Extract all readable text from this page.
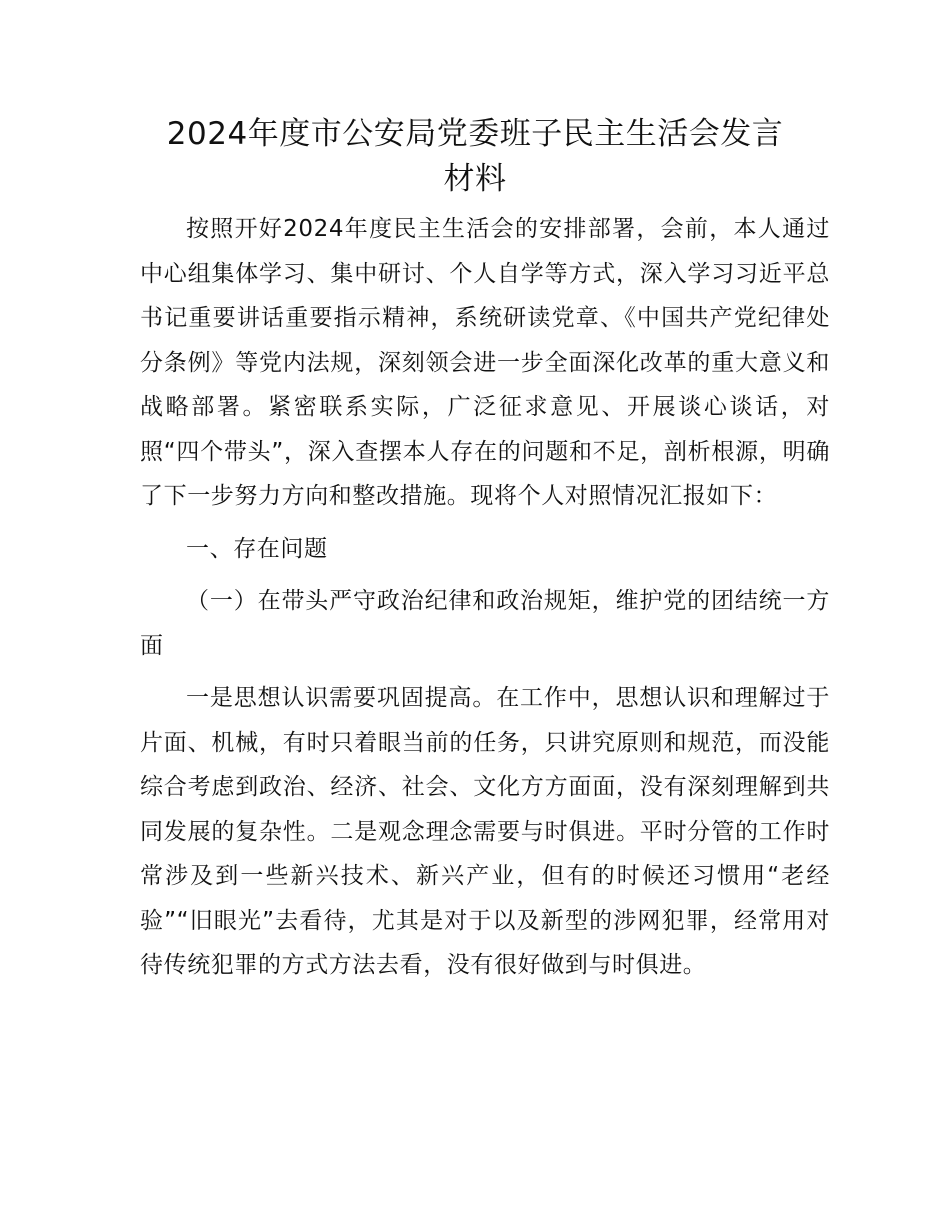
2024年度市公安局党委班子民主生活会发言
材料

按照开好2024年度民主生活会的安排部署，会前，本人通过中心组集体学习、集中研讨、个人自学等方式，深入学习习近平总书记重要讲话重要指示精神，系统研读党章、《中国共产党纪律处分条例》等党内法规，深刻领会进一步全面深化改革的重大意义和战略部署。紧密联系实际，广泛征求意见、开展谈心谈话，对照“四个带头”，深入查摆本人存在的问题和不足，剖析根源，明确了下一步努力方向和整改措施。现将个人对照情况汇报如下：

一、存在问题

（一）在带头严守政治纪律和政治规矩，维护党的团结统一方面

一是思想认识需要巩固提高。在工作中，思想认识和理解过于片面、机械，有时只着眼当前的任务，只讲究原则和规范，而没能综合考虑到政治、经济、社会、文化方方面面，没有深刻理解到共同发展的复杂性。二是观念理念需要与时俱进。平时分管的工作时常涉及到一些新兴技术、新兴产业，但有的时候还习惯用“老经验”“旧眼光”去看待，尤其是对于以及新型的涉网犯罪，经常用对待传统犯罪的方式方法去看，没有很好做到与时俱进。
